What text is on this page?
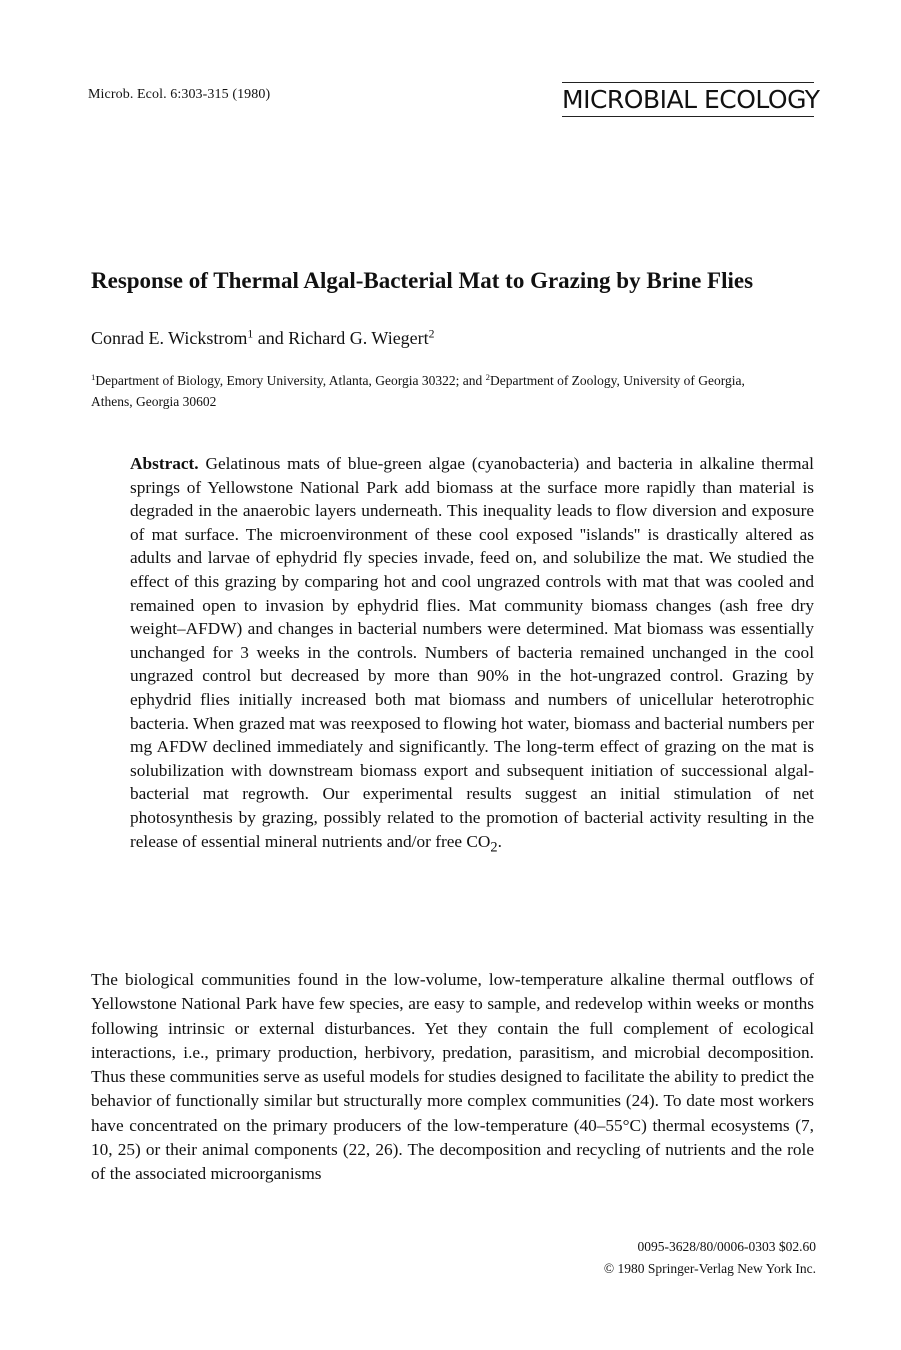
Microb. Ecol. 6:303-315 (1980)	MICROBIAL ECOLOGY
Response of Thermal Algal-Bacterial Mat to Grazing by Brine Flies
Conrad E. Wickstrom$^1$ and Richard G. Wiegert$^2$
$^1$Department of Biology, Emory University, Atlanta, Georgia 30322; and $^2$Department of Zoology, University of Georgia, Athens, Georgia 30602
Abstract. Gelatinous mats of blue-green algae (cyanobacteria) and bacteria in alkaline thermal springs of Yellowstone National Park add biomass at the surface more rapidly than material is degraded in the anaerobic layers underneath. This inequality leads to flow diversion and exposure of mat surface. The microenvironment of these cool exposed ''islands'' is drastically altered as adults and larvae of ephydrid fly species invade, feed on, and solubilize the mat. We studied the effect of this grazing by comparing hot and cool ungrazed controls with mat that was cooled and remained open to invasion by ephydrid flies. Mat community biomass changes (ash free dry weight–AFDW) and changes in bacterial numbers were determined. Mat biomass was essentially unchanged for 3 weeks in the controls. Numbers of bacteria remained unchanged in the cool ungrazed control but decreased by more than 90% in the hot-ungrazed control. Grazing by ephydrid flies initially increased both mat biomass and numbers of unicellular heterotrophic bacteria. When grazed mat was reexposed to flowing hot water, biomass and bacterial numbers per mg AFDW declined immediately and significantly. The long-term effect of grazing on the mat is solubilization with downstream biomass export and subsequent initiation of successional algal-bacterial mat regrowth. Our experimental results suggest an initial stimulation of net photosynthesis by grazing, possibly related to the promotion of bacterial activity resulting in the release of essential mineral nutrients and/or free $CO_2$.
The biological communities found in the low-volume, low-temperature alkaline thermal outflows of Yellowstone National Park have few species, are easy to sample, and redevelop within weeks or months following intrinsic or external disturbances. Yet they contain the full complement of ecological interactions, i.e., primary production, herbivory, predation, parasitism, and microbial decomposition. Thus these communities serve as useful models for studies designed to facilitate the ability to predict the behavior of functionally similar but structurally more complex communities (24). To date most workers have concentrated on the primary producers of the low-temperature (40–55°C) thermal ecosystems (7, 10, 25) or their animal components (22, 26). The decomposition and recycling of nutrients and the role of the associated microorganisms
0095-3628/80/0006-0303 $02.60
© 1980 Springer-Verlag New York Inc.
